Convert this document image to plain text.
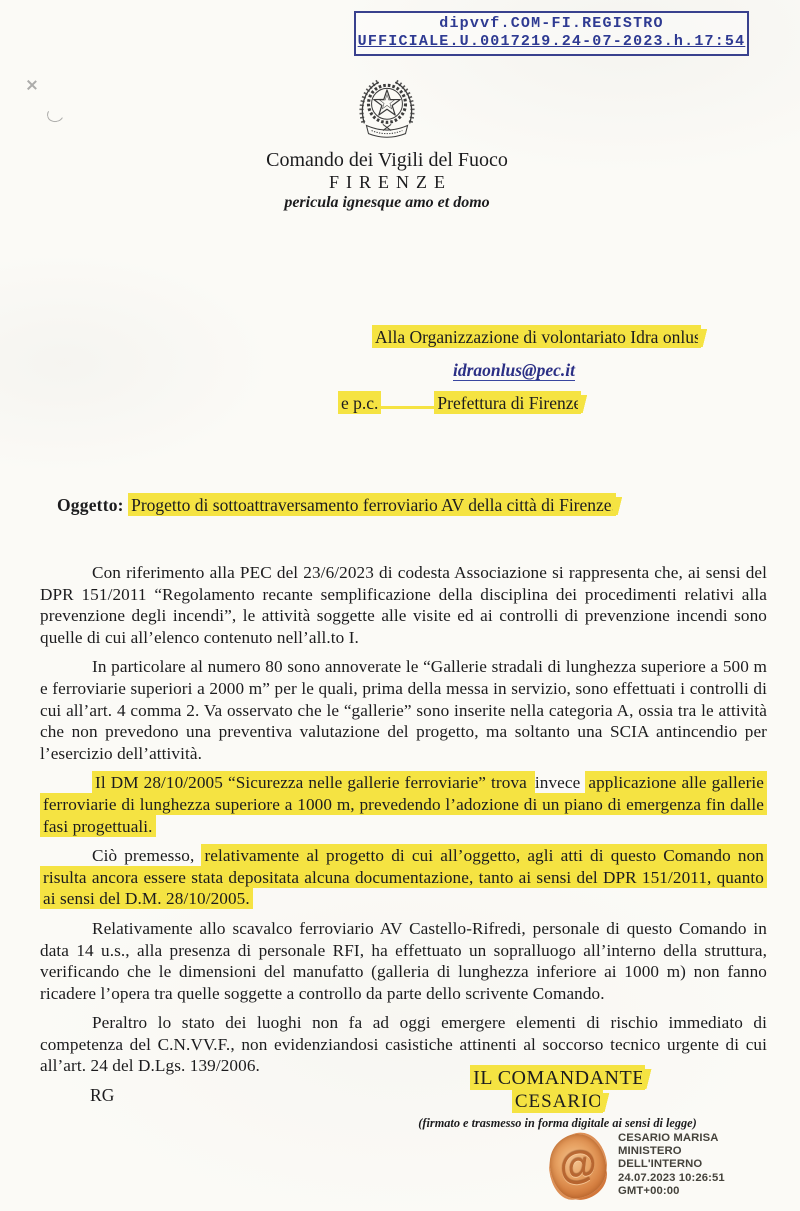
dipvvf.COM-FI.REGISTRO
UFFICIALE.U.0017219.24-07-2023.h.17:54
Comando dei Vigili del Fuoco
FIRENZE
pericula ignesque amo et domo
Alla Organizzazione di volontariato Idra onlus
idraonlus@pec.it
e p.c.	Prefettura di Firenze
Oggetto: Progetto di sottoattraversamento ferroviario AV della città di Firenze.

Con riferimento alla PEC del 23/6/2023 di codesta Associazione si rappresenta che, ai sensi del DPR 151/2011 “Regolamento recante semplificazione della disciplina dei procedimenti relativi alla prevenzione degli incendi”, le attività soggette alle visite ed ai controlli di prevenzione incendi sono quelle di cui all’elenco contenuto nell’all.to I.

In particolare al numero 80 sono annoverate le “Gallerie stradali di lunghezza superiore a 500 m e ferroviarie superiori a 2000 m” per le quali, prima della messa in servizio, sono effettuati i controlli di cui all’art. 4 comma 2. Va osservato che le “gallerie” sono inserite nella categoria A, ossia tra le attività che non prevedono una preventiva valutazione del progetto, ma soltanto una SCIA antincendio per l’esercizio dell’attività.

Il DM 28/10/2005 “Sicurezza nelle gallerie ferroviarie” trova invece applicazione alle gallerie ferroviarie di lunghezza superiore a 1000 m, prevedendo l’adozione di un piano di emergenza fin dalle fasi progettuali.

Ciò premesso, relativamente al progetto di cui all’oggetto, agli atti di questo Comando non risulta ancora essere stata depositata alcuna documentazione, tanto ai sensi del DPR 151/2011, quanto ai sensi del D.M. 28/10/2005.

Relativamente allo scavalco ferroviario AV Castello-Rifredi, personale di questo Comando in data 14 u.s., alla presenza di personale RFI, ha effettuato un sopralluogo all’interno della struttura, verificando che le dimensioni del manufatto (galleria di lunghezza inferiore ai 1000 m) non fanno ricadere l’opera tra quelle soggette a controllo da parte dello scrivente Comando.

Peraltro lo stato dei luoghi non fa ad oggi emergere elementi di rischio immediato di competenza del C.N.VV.F., non evidenziandosi casistiche attinenti al soccorso tecnico urgente di cui all’art. 24 del D.Lgs. 139/2006.

RG
IL COMANDANTE
CESARIO
(firmato e trasmesso in forma digitale ai sensi di legge)
@
CESARIO MARISA
MINISTERO
DELL'INTERNO
24.07.2023 10:26:51
GMT+00:00
